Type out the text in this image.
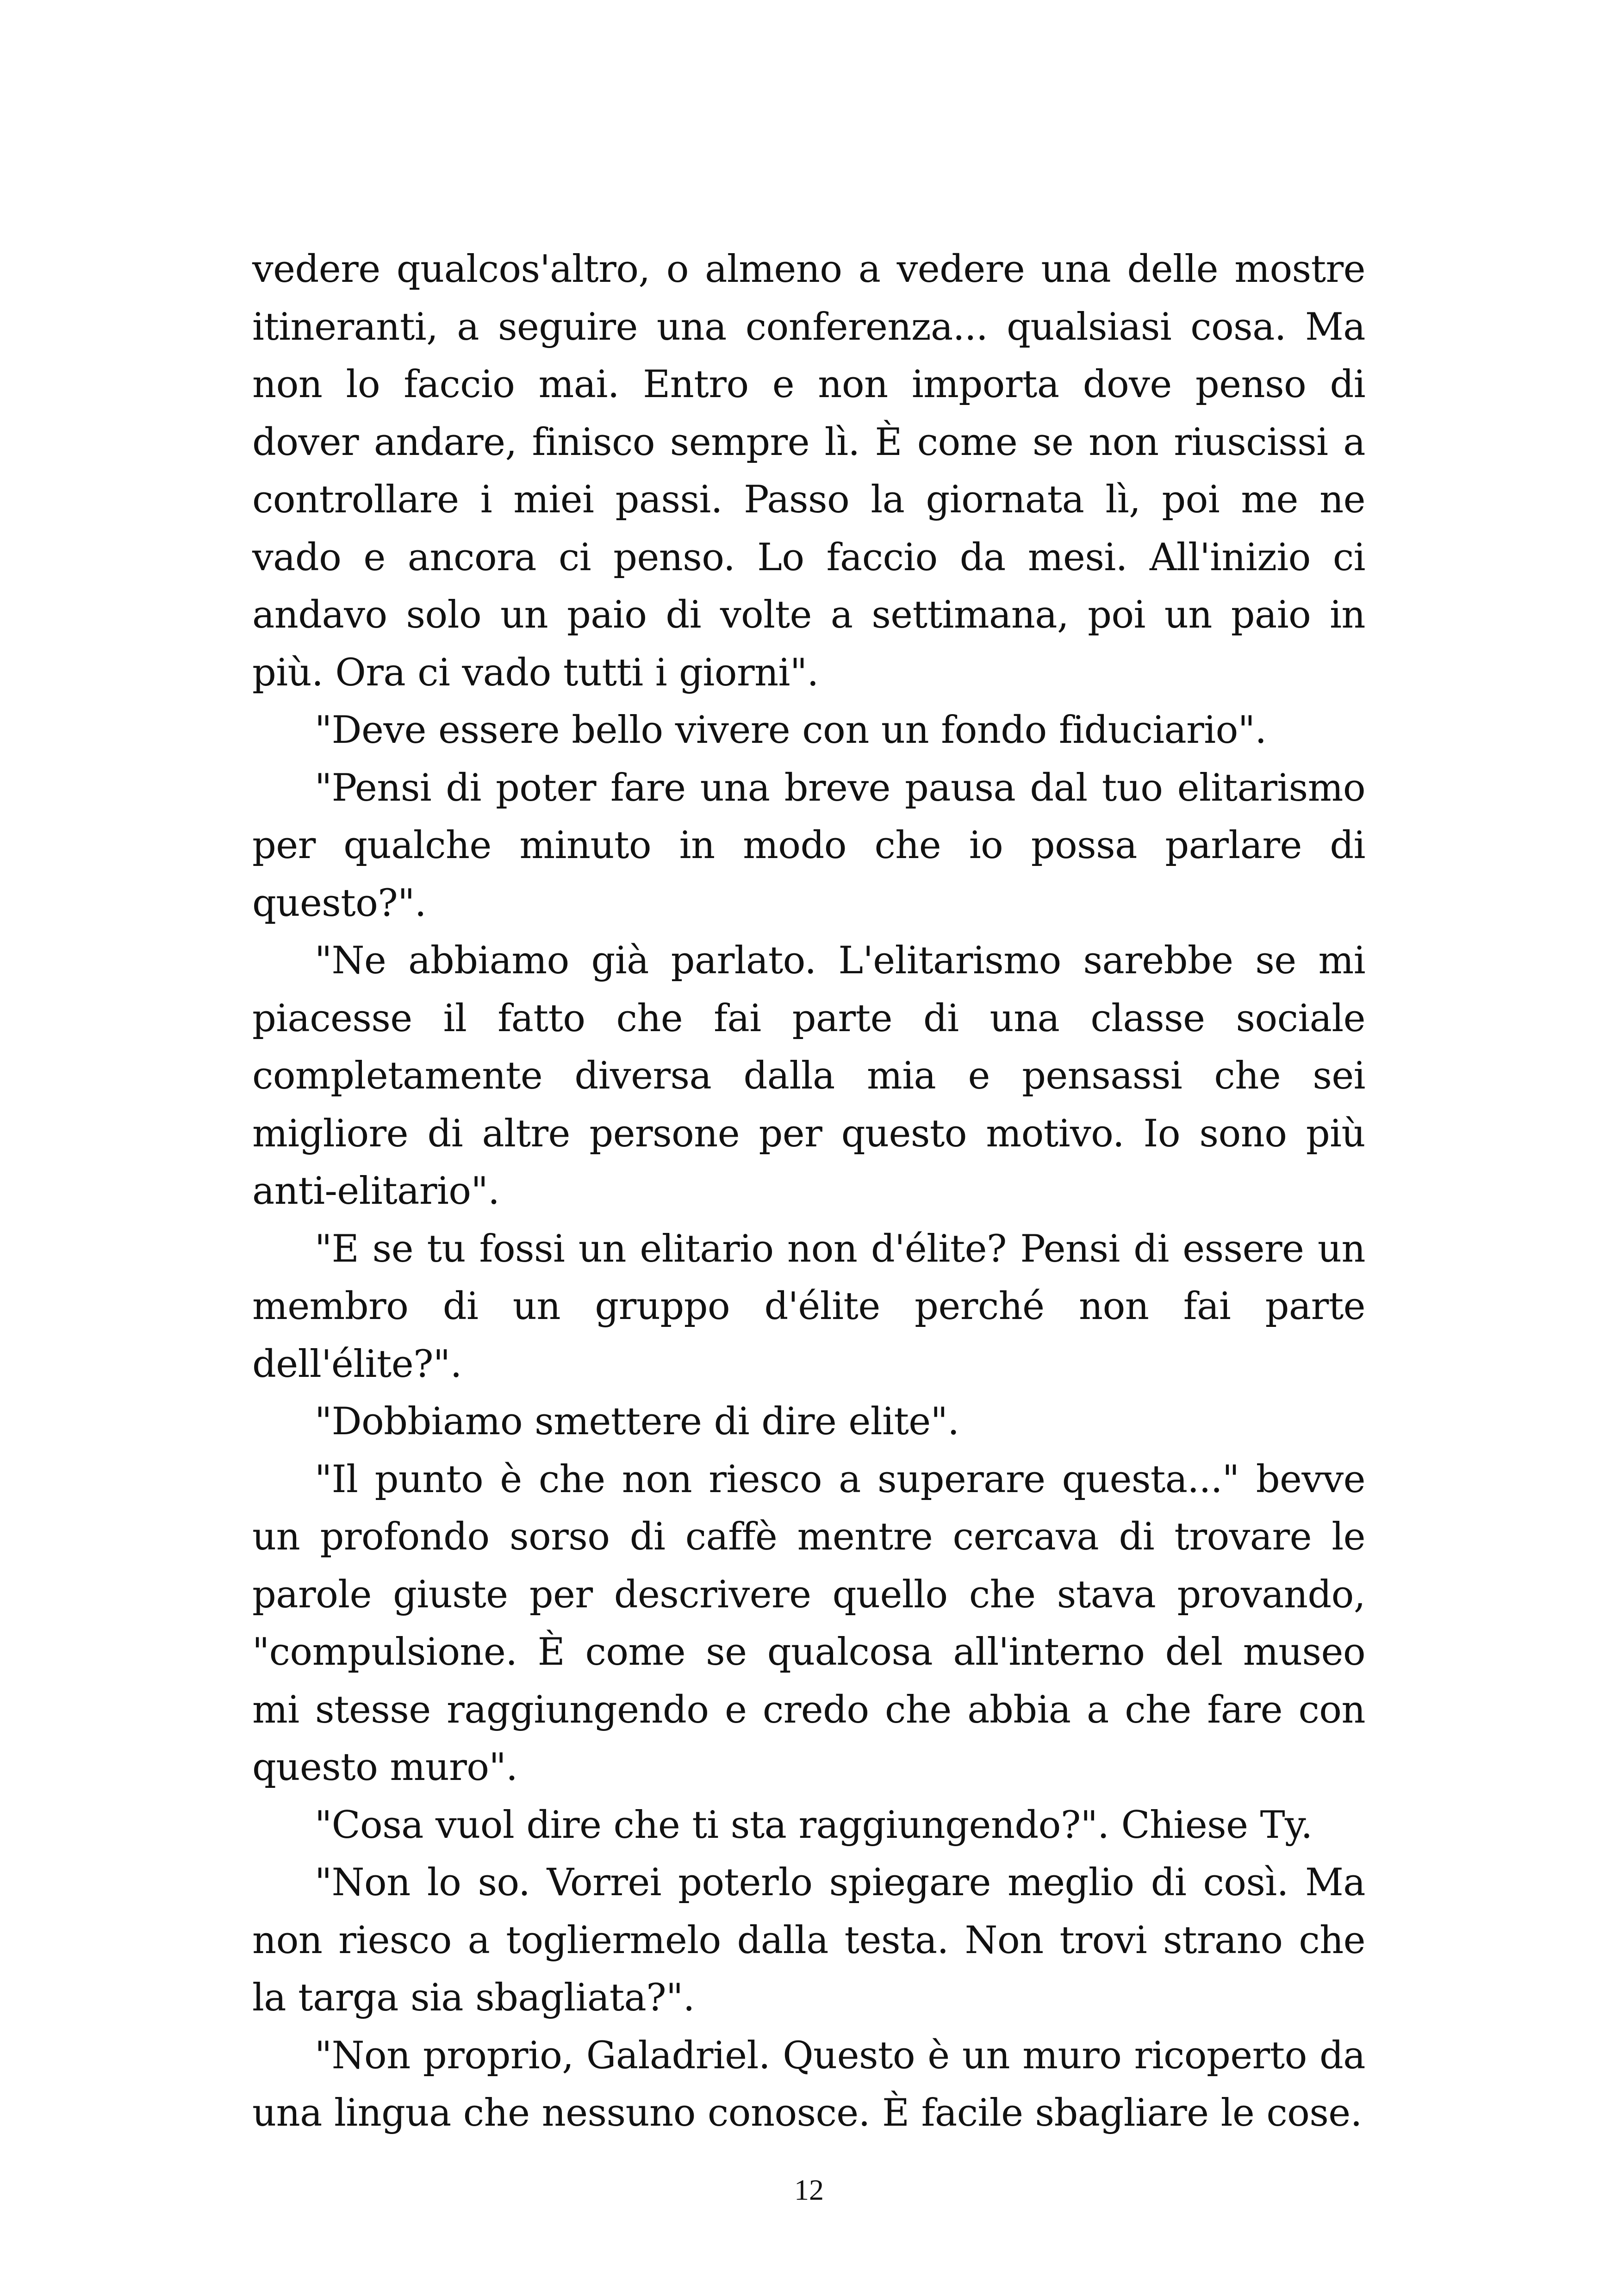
vedere qualcos'altro, o almeno a vedere una delle mostre itineranti, a seguire una conferenza... qualsiasi cosa. Ma non lo faccio mai. Entro e non importa dove penso di dover andare, finisco sempre lì. È come se non riuscissi a controllare i miei passi. Passo la giornata lì, poi me ne vado e ancora ci penso. Lo faccio da mesi. All'inizio ci andavo solo un paio di volte a settimana, poi un paio in più. Ora ci vado tutti i giorni".

"Deve essere bello vivere con un fondo fiduciario".

"Pensi di poter fare una breve pausa dal tuo elitarismo per qualche minuto in modo che io possa parlare di questo?".

"Ne abbiamo già parlato. L'elitarismo sarebbe se mi piacesse il fatto che fai parte di una classe sociale completamente diversa dalla mia e pensassi che sei migliore di altre persone per questo motivo. Io sono più anti-elitario".

"E se tu fossi un elitario non d'élite? Pensi di essere un membro di un gruppo d'élite perché non fai parte dell'élite?".

"Dobbiamo smettere di dire elite".

"Il punto è che non riesco a superare questa..." bevve un profondo sorso di caffè mentre cercava di trovare le parole giuste per descrivere quello che stava provando, "compulsione. È come se qualcosa all'interno del museo mi stesse raggiungendo e credo che abbia a che fare con questo muro".

"Cosa vuol dire che ti sta raggiungendo?". Chiese Ty.

"Non lo so. Vorrei poterlo spiegare meglio di così. Ma non riesco a togliermelo dalla testa. Non trovi strano che la targa sia sbagliata?".

"Non proprio, Galadriel. Questo è un muro ricoperto da una lingua che nessuno conosce. È facile sbagliare le cose.

12
